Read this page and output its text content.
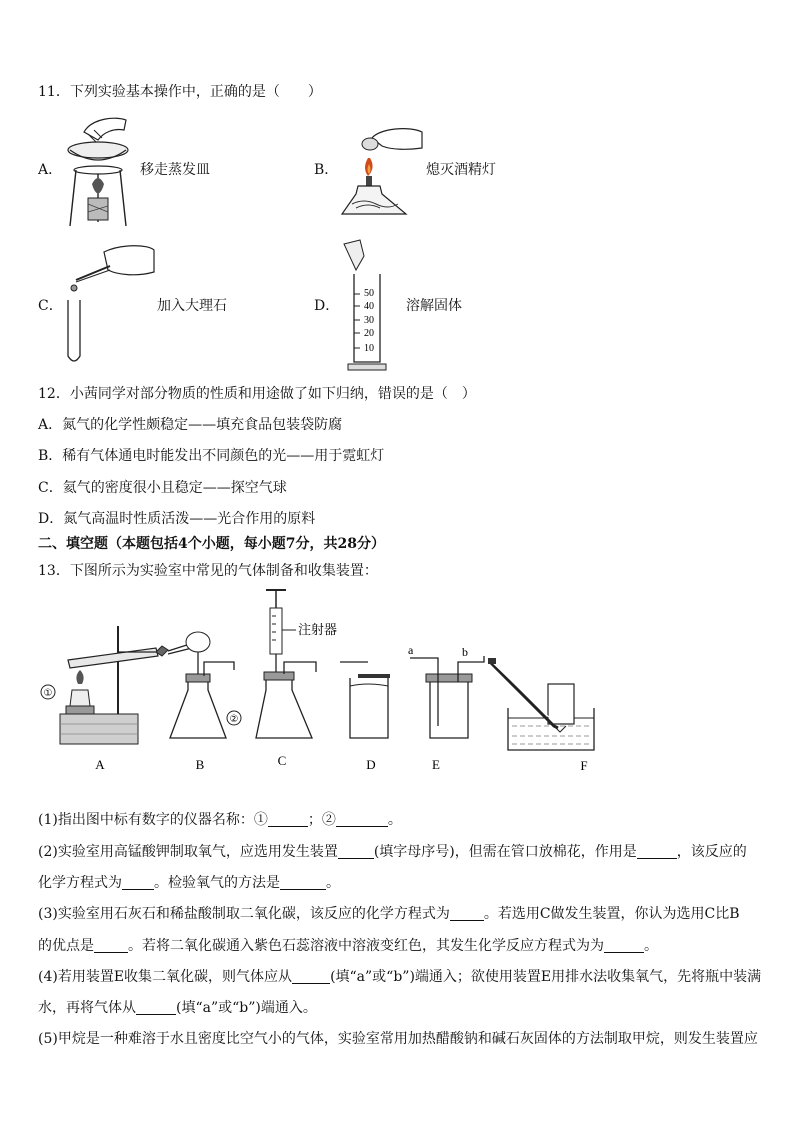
11．下列实验基本操作中，正确的是（　　）
A．	移走蒸发皿	B．	熄灭酒精灯
C．	加入大理石	D．
50
40
30
20
10
溶解固体
12．小茜同学对部分物质的性质和用途做了如下归纳，错误的是（　）
A．氮气的化学性颇稳定——填充食品包装袋防腐
B．稀有气体通电时能发出不同颜色的光——用于霓虹灯
C．氦气的密度很小且稳定——探空气球
D．氮气高温时性质活泼——光合作用的原料
二、填空题（本题包括4个小题，每小题7分，共28分）
13．下图所示为实验室中常见的气体制备和收集装置：
①
②
注射器
a	b
A	B	C	D	E	F
(1)指出图中标有数字的仪器名称：①	；②	。
(2)实验室用高锰酸钾制取氧气，应选用发生装置	(填字母序号)，但需在管口放棉花，作用是	，该反应的
化学方程式为 。检验氧气的方法是	。
(3)实验室用石灰石和稀盐酸制取二氧化碳，该反应的化学方程式为 。若选用C做发生装置，你认为选用C比B
的优点是 。若将二氧化碳通入紫色石蕊溶液中溶液变红色，其发生化学反应方程式为为	。
(4)若用装置E收集二氧化碳，则气体应从	(填“a”或“b”)端通入；欲使用装置E用排水法收集氧气，先将瓶中装满
水，再将气体从	(填“a”或“b”)端通入。
(5)甲烷是一种难溶于水且密度比空气小的气体，实验室常用加热醋酸钠和碱石灰固体的方法制取甲烷，则发生装置应
